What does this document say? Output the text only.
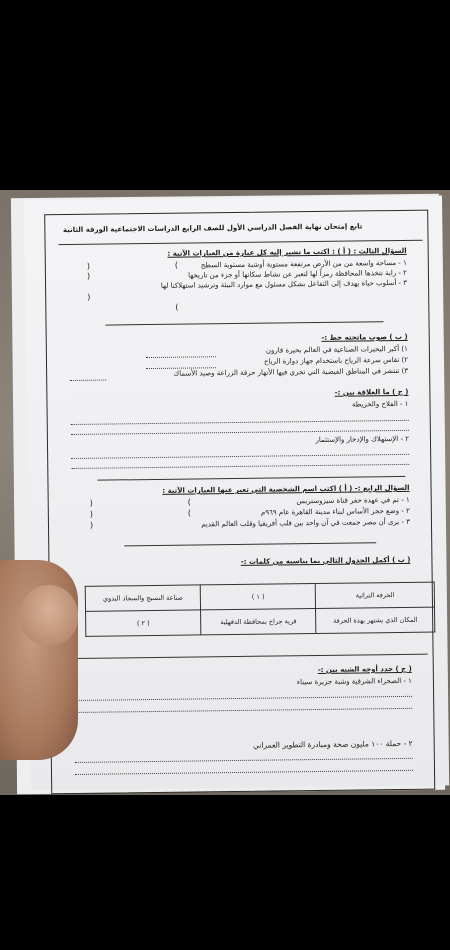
تابع إمتحان نهاية الفصل الدراسي الأول للصف الرابع الدراسات الاجتماعية الورقة الثانية
السؤال الثالث : ( أ ) : اكتب ما تشير إليه كل عبارة من العبارات الآتية :
١ - مساحة واسعة من من الأرض مرتفعة مستوية أوشبة مستوية السطح
٢ - راية تتخذها المحافظة رمزاً لها لتعبر عن نشاط سكانها أو جزء من تاريخها
٣ - أسلوب حياة يهدف إلى التفاعل بشكل مسئول مع موارد البيئة وترشيد استهلاكنا لها
(
(
(
)
)
( ب ) صوب ماتحته خط :-
١) أكبر البحيرات الصناعية في العالم بحيرة قارون
٢) تقاس سرعة الرياح باستخدام جهاز دوارة الرياح
٣) تنتشر في المناطق الفيضية التي تجري فيها الأنهار حرفة الزراعة وصيد الأسماك
( ج ) ما العلاقة بين :-
١ - الفلاح والخريطة
٢ - الإستهلاك والإدخار والإستثمار
السؤال الرابع :- ( أ ) اكتب اسم الشخصية التي تعبر عنها العبارات الآتية :
١ - تم في عهدة حفر قناة سيزوستريس
٢ - وضع حجر الأساس لبناء مدينة القاهرة عام ٩٦٩م
٣ - يرى أن مصر جمعت في آن واحد بين قلب أفريقيا وقلب العالم القديم
(
(
(
)
)
( ب ) أكمل الجدول التالي بما يناسبه من كلمات :-
الحرفة التراثية	( ١ )	صناعة النسيج والسجاد البدوي
المكان الذي يشتهر بهذة الحرفة	قرية جراح بمحافظة الدقهلية	( ٢ )
( ج ) حدد أوجه الشبه بين :-
١ - الصحراء الشرقية وشبة جزيرة سيناء
٢ - حملة ١٠٠ مليون صحة ومبادرة التطوير العمراني
